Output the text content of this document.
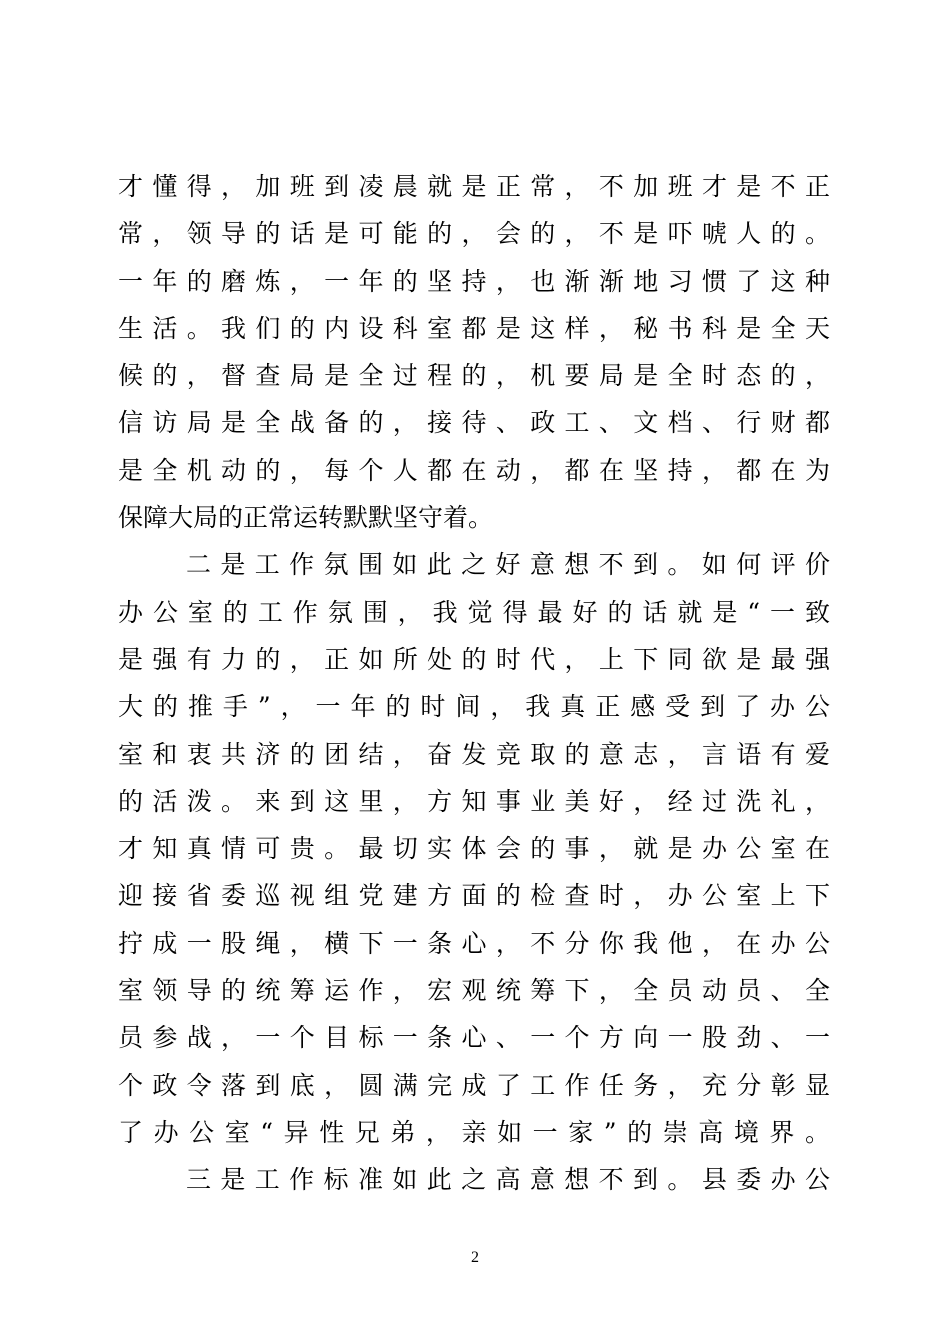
才懂得，加班到凌晨就是正常，不加班才是不正
常，领导的话是可能的，会的，不是吓唬人的。
一年的磨炼，一年的坚持，也渐渐地习惯了这种
生活。我们的内设科室都是这样，秘书科是全天
候的，督查局是全过程的，机要局是全时态的，
信访局是全战备的，接待、政工、文档、行财都
是全机动的，每个人都在动，都在坚持，都在为
保障大局的正常运转默默坚守着。
二是工作氛围如此之好意想不到。如何评价
办公室的工作氛围，我觉得最好的话就是“一致
是强有力的，正如所处的时代，上下同欲是最强
大的推手”，一年的时间，我真正感受到了办公
室和衷共济的团结，奋发竞取的意志，言语有爱
的活泼。来到这里，方知事业美好，经过洗礼，
才知真情可贵。最切实体会的事，就是办公室在
迎接省委巡视组党建方面的检查时，办公室上下
拧成一股绳，横下一条心，不分你我他，在办公
室领导的统筹运作，宏观统筹下，全员动员、全
员参战，一个目标一条心、一个方向一股劲、一
个政令落到底，圆满完成了工作任务，充分彰显
了办公室“异性兄弟，亲如一家”的崇高境界。
三是工作标准如此之高意想不到。县委办公
2
